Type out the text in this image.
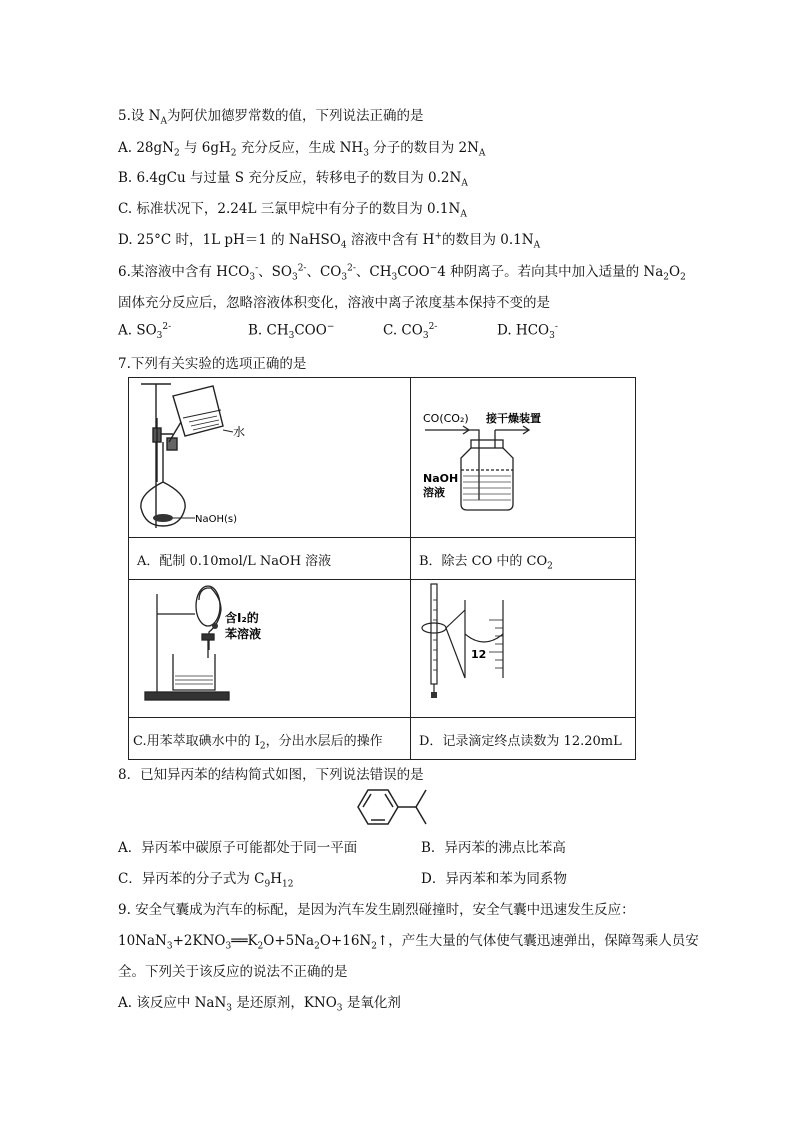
5.设 $N_A$为阿伏加德罗常数的值，下列说法正确的是
A. $28gN_2$ 与 $6gH_2$ 充分反应，生成 $NH_3$ 分子的数目为 $2N_A$
B. 6.4gCu 与过量 S 充分反应，转移电子的数目为 $0.2N_A$
C. 标准状况下，2.24L 三氯甲烷中有分子的数目为 $0.1N_A$
D. 25°C 时，1L pH＝1 的 NaHSO$_4$ 溶液中含有 H+的数目为 $0.1N_A$
6.某溶液中含有 $HCO_3^-$、$SO_3^{2-}$、$CO_3^{2-}$、$CH_3COO^-4$ 种阴离子。若向其中加入适量的 $Na_2O_2$
固体充分反应后，忽略溶液体积变化，溶液中离子浓度基本保持不变的是
A. $SO_3^{2-}$	B. $CH_3COO^-$	C. $CO_3^{2-}$	D. $HCO_3^-$
7.下列有关实验的选项正确的是
水
NaOH(s)	CO(CO₂) 接干燥装置
NaOH
溶液

A．配制 0.10mol/L NaOH 溶液	B．除去 CO 中的 $CO_2$

含I₂的
苯溶液	12

C.用苯萃取碘水中的 $I_2$，分出水层后的操作	D．记录滴定终点读数为 12.20mL
8．已知异丙苯的结构简式如图，下列说法错误的是
A．异丙苯中碳原子可能都处于同一平面	B．异丙苯的沸点比苯高
C．异丙苯的分子式为 $C_9H_{12}$	D．异丙苯和苯为同系物
9. 安全气囊成为汽车的标配，是因为汽车发生剧烈碰撞时，安全气囊中迅速发生反应：
$10NaN_3+2KNO_3══K_2O+5Na_2O+16N_2↑$，产生大量的气体使气囊迅速弹出，保障驾乘人员安
全。下列关于该反应的说法不正确的是
A. 该反应中 NaN$_3$ 是还原剂，$KNO_3$ 是氧化剂
